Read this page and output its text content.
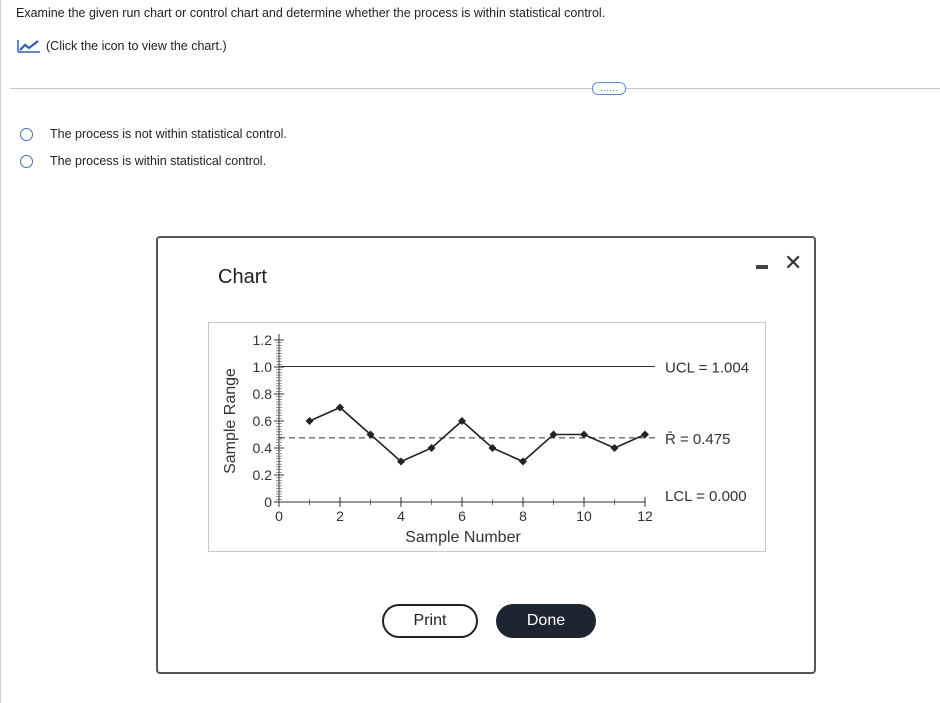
Examine the given run chart or control chart and determine whether the process is within statistical control.
(Click the icon to view the chart.)
……
The process is not within statistical control.
The process is within statistical control.
Chart
✕
0
0.2
0.4
0.6
0.8
1.0
1.2
0	2	4	6	8	10	12
Sample Number
Sample Range
UCL = 1.004
R̄ = 0.475
LCL = 0.000
Print	Done
